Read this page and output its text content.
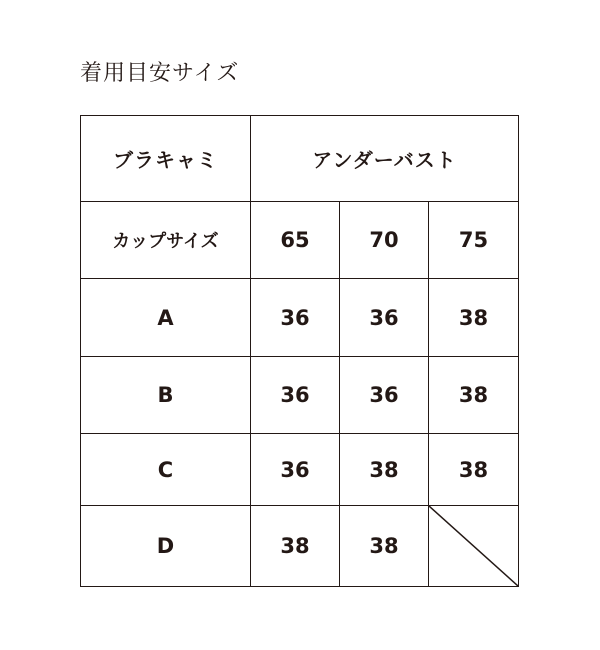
着用目安サイズ
ブラキャミ	アンダーバスト		
カップサイズ	65	70	75
A	36	36	38
B	36	36	38
C	36	38	38
D	38	38	
